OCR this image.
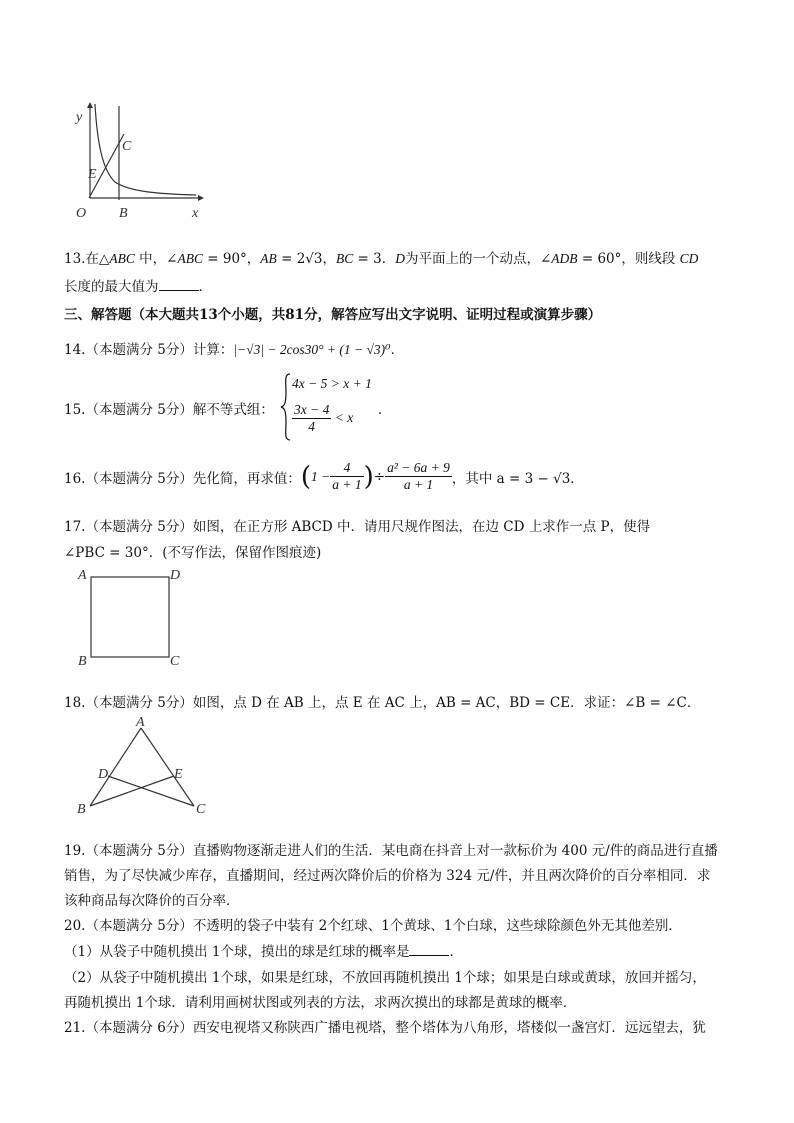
y
O B	x
C
E
13.在△ABC 中，∠ABC = 90°，AB = 2√3，BC = 3．D为平面上的一个动点，∠ADB = 60°，则线段 CD
长度的最大值为	．
三、解答题（本大题共13个小题，共81分，解答应写出文字说明、证明过程或演算步骤）
14.（本题满分 5分）计算：|−√3| − 2cos30° + (1 − √3)⁰．
15.（本题满分 5分）解不等式组：
4x − 5 > x + 1
$\frac{3x - 4}{4} < x$ ．
16.（本题满分 5分）先化简，再求值： ( $1 - \frac{4}{a + 1}$ ) ÷ $\frac{\text{a² − 6a + 9}}{a + 1}$ ，其中 a = 3 − √3．
17.（本题满分 5分）如图，在正方形 ABCD 中．请用尺规作图法，在边 CD 上求作一点 P，使得
∠PBC = 30°．(不写作法，保留作图痕迹)
A	D
B	C
18.（本题满分 5分）如图，点 D 在 AB 上，点 E 在 AC 上，AB = AC，BD = CE．求证：∠B = ∠C．
A
D	E
B	C
19.（本题满分 5分）直播购物逐渐走进人们的生活．某电商在抖音上对一款标价为 400 元/件的商品进行直播
销售，为了尽快减少库存，直播期间，经过两次降价后的价格为 324 元/件，并且两次降价的百分率相同．求
该种商品每次降价的百分率．
20.（本题满分 5分）不透明的袋子中装有 2个红球、1个黄球、1个白球，这些球除颜色外无其他差别．
（1）从袋子中随机摸出 1个球，摸出的球是红球的概率是	．
（2）从袋子中随机摸出 1个球，如果是红球，不放回再随机摸出 1个球；如果是白球或黄球，放回并摇匀，
再随机摸出 1个球．请利用画树状图或列表的方法，求两次摸出的球都是黄球的概率．
21.（本题满分 6分）西安电视塔又称陕西广播电视塔，整个塔体为八角形，塔楼似一盏宫灯．远远望去，犹
